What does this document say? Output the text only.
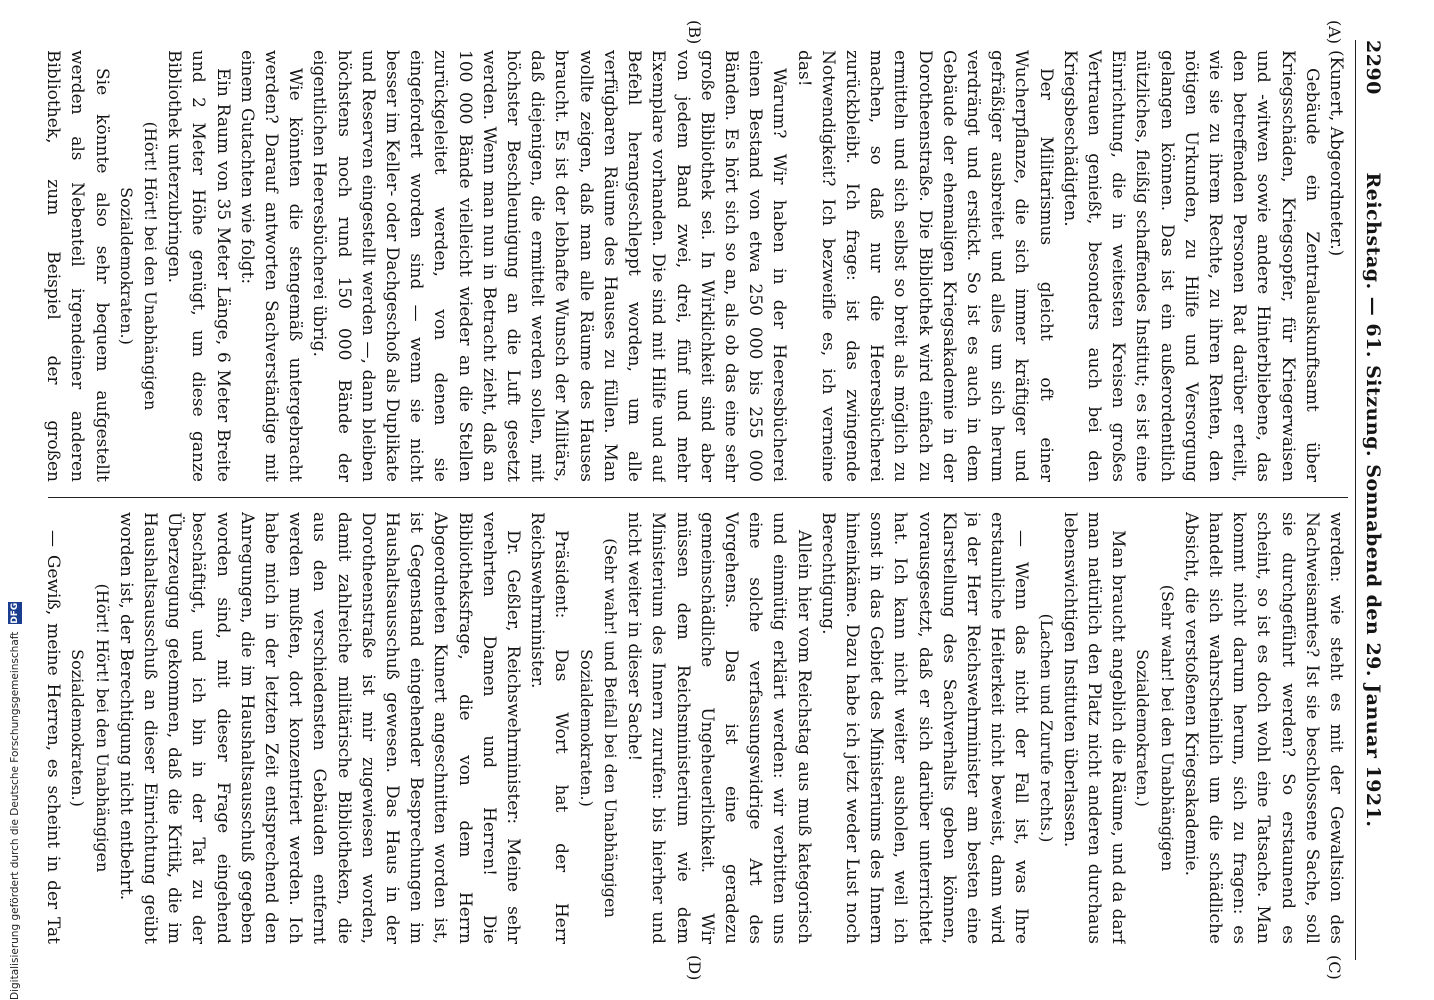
2290
Reichstag. — 61. Sitzung. Sonnabend den 29. Januar 1921.
(A)
(B)
(C)
(D)

(Kunert, Abgeordneter.)

Gebäude ein Zentralauskunftsamt über Kriegsschäden, Kriegsopfer, für Kriegerwaisen und -witwen sowie andere Hinterbliebene, das den betreffenden Personen Rat darüber erteilt, wie sie zu ihrem Rechte, zu ihren Renten, den nötigen Urkunden, zu Hilfe und Versorgung gelangen können. Das ist ein außerordentlich nützliches, fleißig schaffendes Institut; es ist eine Einrichtung, die in weitesten Kreisen großes Vertrauen genießt, besonders auch bei den Kriegsbeschädigten.

Der Militarismus gleicht oft einer Wucherpflanze, die sich immer kräftiger und gefräßiger ausbreitet und alles um sich herum verdrängt und erstickt. So ist es auch in dem Gebäude der ehemaligen Kriegsakademie in der Dorotheenstraße. Die Bibliothek wird einfach zu ermitteln und sich selbst so breit als möglich zu machen, so daß nur die Heeresbücherei zurückbleibt. Ich frage: ist das zwingende Notwendigkeit? Ich bezweifle es, ich verneine das!

Warum? Wir haben in der Heeresbücherei einen Bestand von etwa 250 000 bis 255 000 Bänden. Es hört sich so an, als ob das eine sehr große Bibliothek sei. In Wirklichkeit sind aber von jedem Band zwei, drei, fünf und mehr Exemplare vorhanden. Die sind mit Hilfe und auf Befehl herangeschleppt worden, um alle verfügbaren Räume des Hauses zu füllen. Man wollte zeigen, daß man alle Räume des Hauses braucht. Es ist der lebhafte Wunsch der Militärs, daß diejenigen, die ermittelt werden sollen, mit höchster Beschleunigung an die Luft gesetzt werden. Wenn man nun in Betracht zieht, daß an 100 000 Bände vielleicht wieder an die Stellen zurückgeleitet werden, von denen sie eingefordert worden sind — wenn sie nicht besser im Keller- oder Dachgeschoß als Duplikate und Reserven eingestellt werden —, dann bleiben höchstens noch rund 150 000 Bände der eigentlichen Heeresbücherei übrig.

Wie könnten die stengemäß untergebracht werden? Darauf antworten Sachverständige mit einem Gutachten wie folgt:

Ein Raum von 35 Meter Länge, 6 Meter Breite und 2 Meter Höhe genügt, um diese ganze Bibliothek unterzubringen.

(Hört! Hört! bei den Unabhängigen Sozialdemokraten.)

Sie könnte also sehr bequem aufgestellt werden als Nebenteil irgendeiner anderen Bibliothek, zum Beispiel der großen

werden: wie steht es mit der Gewaltsion des Nachweisamtes? Ist sie beschlossene Sache, soll sie durchgeführt werden? So erstaunend es scheint, so ist es doch wohl eine Tatsache. Man kommt nicht darum herum, sich zu fragen: es handelt sich wahrscheinlich um die schädliche Absicht, die verstoßenen Kriegsakademie.

(Sehr wahr! bei den Unabhängigen Sozialdemokraten.)

Man braucht angeblich die Räume, und da darf man natürlich den Platz nicht anderen durchaus lebenswichtigen Instituten überlassen.

(Lachen und Zurufe rechts.)

— Wenn das nicht der Fall ist, was Ihre erstaunliche Heiterkeit nicht beweist, dann wird ja der Herr Reichswehrminister am besten eine Klarstellung des Sachverhalts geben können, vorausgesetzt, daß er sich darüber unterrichtet hat. Ich kann nicht weiter ausholen, weil ich sonst in das Gebiet des Ministeriums des Innern hineinkäme. Dazu habe ich jetzt weder Lust noch Berechtigung.

Allein hier vom Reichstag aus muß kategorisch und einmütig erklärt werden: wir verbitten uns eine solche verfassungswidrige Art des Vorgehens. Das ist eine geradezu gemeinschädliche Ungeheuerlichkeit. Wir müssen dem Reichsministerium wie dem Ministerium des Innern zurufen: bis hierher und nicht weiter in dieser Sache!

(Sehr wahr! und Beifall bei den Unabhängigen Sozialdemokraten.)

Präsident: Das Wort hat der Herr Reichswehrminister.

Dr. Geßler, Reichswehrminister: Meine sehr verehrten Damen und Herren! Die Bibliotheksfrage, die von dem Herrn Abgeordneten Kunert angeschnitten worden ist, ist Gegenstand eingehender Besprechungen im Haushaltsausschuß gewesen. Das Haus in der Dorotheenstraße ist mir zugewiesen worden, damit zahlreiche militärische Bibliotheken, die aus den verschiedensten Gebäuden entfernt werden mußten, dort konzentriert werden. Ich habe mich in der letzten Zeit entsprechend den Anregungen, die im Haushaltsausschuß gegeben worden sind, mit dieser Frage eingehend beschäftigt, und ich bin in der Tat zu der Überzeugung gekommen, daß die Kritik, die im Haushaltsausschuß an dieser Einrichtung geübt worden ist, der Berechtigung nicht entbehrt.

(Hört! Hört! bei den Unabhängigen Sozialdemokraten.)

— Gewiß, meine Herren, es scheint in der Tat

Digitalisierung gefördert durch die Deutsche Forschungsgemeinschaft DFG
